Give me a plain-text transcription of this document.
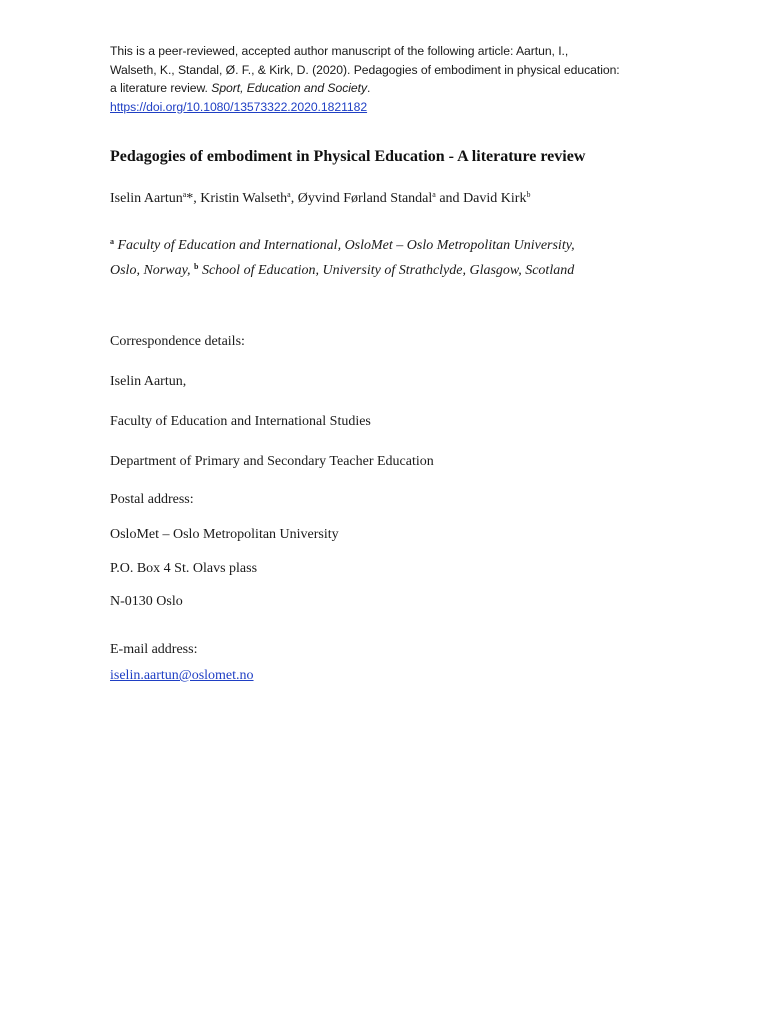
This is a peer-reviewed, accepted author manuscript of the following article: Aartun, I.,
Walseth, K., Standal, Ø. F., & Kirk, D. (2020). Pedagogies of embodiment in physical education:
a literature review. Sport, Education and Society.
https://doi.org/10.1080/13573322.2020.1821182
Pedagogies of embodiment in Physical Education - A literature review
Iselin Aartun$^a$*, Kristin Walseth$^a$, Øyvind Førland Standal$^a$ and David Kirk$^b$
$^a$ Faculty of Education and International, OsloMet – Oslo Metropolitan University,
Oslo, Norway, $^b$ School of Education, University of Strathclyde, Glasgow, Scotland
Correspondence details:
Iselin Aartun,
Faculty of Education and International Studies
Department of Primary and Secondary Teacher Education
Postal address:
OsloMet – Oslo Metropolitan University
P.O. Box 4 St. Olavs plass
N-0130 Oslo
E-mail address:
iselin.aartun@oslomet.no
